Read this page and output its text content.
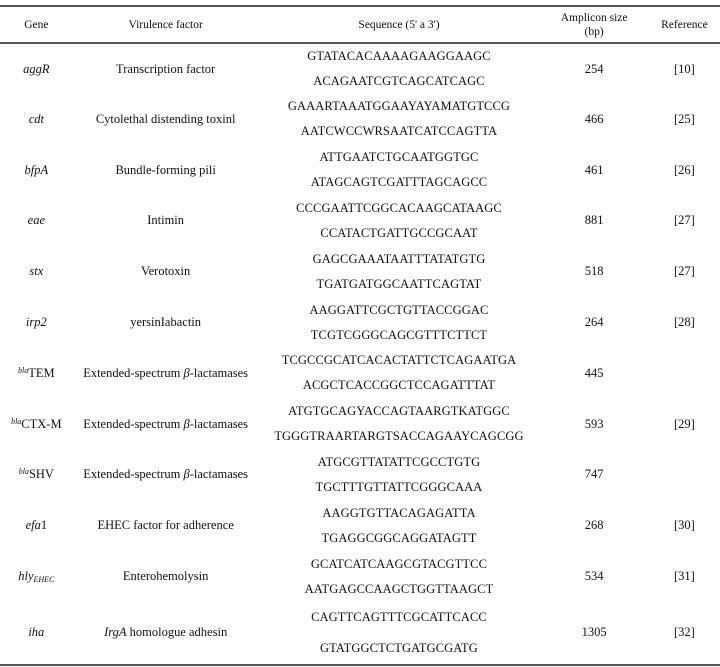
Gene	Virulence factor	Sequence (5' a 3')	Amplicon size
(bp)	Reference
aggR	Transcription factor	GTATACACAAAAGAAGGAAGC
ACAGAATCGTCAGCATCAGC	254	[10]
cdt	Cytolethal distending toxinl	GAAARTAAATGGAAYAYAMATGTCCG
AATCWCCWRSAATCATCCAGTTA	466	[25]
bfpA	Bundle-forming pili	ATTGAATCTGCAATGGTGC
ATAGCAGTCGATTTAGCAGCC	461	[26]
eae	Intimin	CCCGAATTCGGCACAAGCATAAGC
CCATACTGATTGCCGCAAT	881	[27]
stx	Verotoxin	GAGCGAAATAATTTATATGTG
TGATGATGGCAATTCAGTAT	518	[27]
irp2	yersinIabactin	AAGGATTCGCTGTTACCGGAC
TCGTCGGGCAGCGTTTCTTCT	264	[28]
$^{bla}$TEM	Extended-spectrum β-lactamases	TCGCCGCATCACACTATTCTCAGAATGA
ACGCTCACCGGCTCCAGATTTAT	445	
$^{bla}$CTX-M	Extended-spectrum β-lactamases	ATGTGCAGYACCAGTAARGTKATGGC
TGGGTRAARTARGTSACCAGAAYCAGCGG	593	[29]
$^{bla}$SHV	Extended-spectrum β-lactamases	ATGCGTTATATTCGCCTGTG
TGCTTTGTTATTCGGGCAAA	747	
efa1	EHEC factor for adherence	AAGGTGTTACAGAGATTA
TGAGGCGGCAGGATAGTT	268	[30]
hly$_{EHEC}$	Enterohemolysin	GCATCATCAAGCGTACGTTCC
AATGAGCCAAGCTGGTTAAGCT	534	[31]
iha	IrgA homologue adhesin	CAGTTCAGTTTCGCATTCACC
GTATGGCTCTGATGCGATG	1305	[32]
